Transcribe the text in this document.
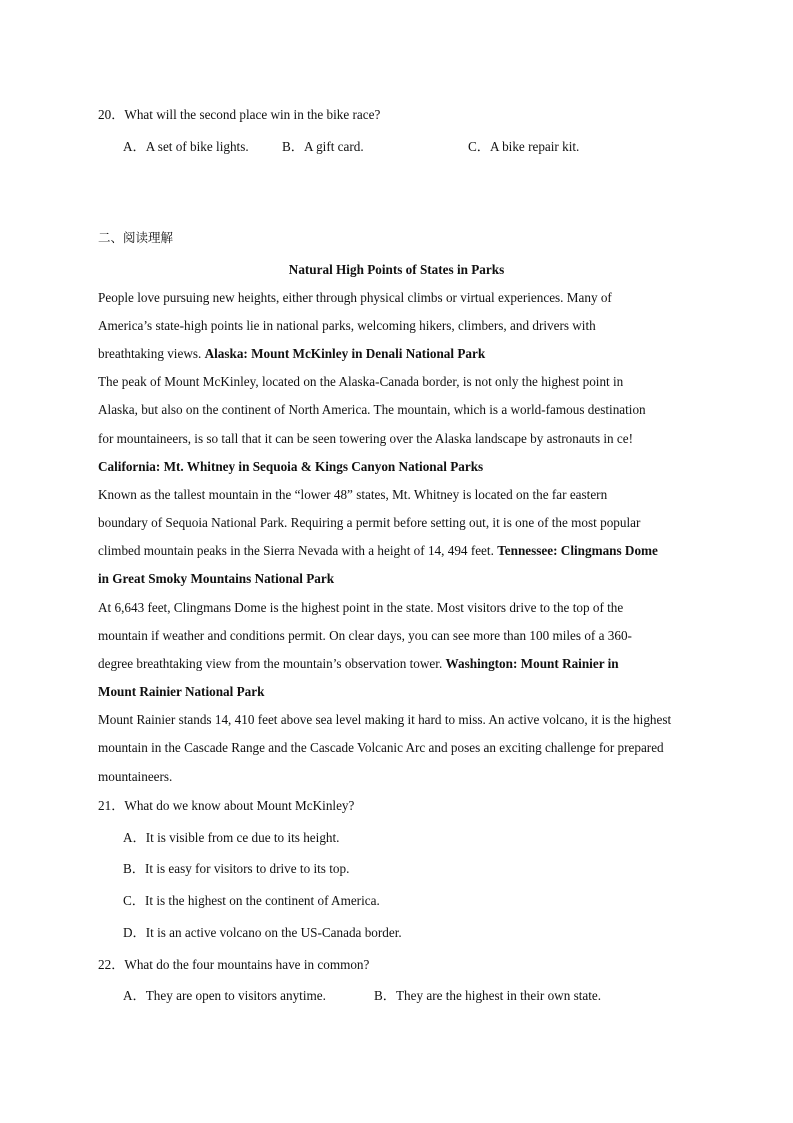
20．What will the second place win in the bike race?
A．A set of bike lights.	B．A gift card.	C．A bike repair kit.
二、阅读理解
Natural High Points of States in Parks
People love pursuing new heights, either through physical climbs or virtual experiences. Many of
America’s state-high points lie in national parks, welcoming hikers, climbers, and drivers with
breathtaking views. Alaska: Mount McKinley in Denali National Park
The peak of Mount McKinley, located on the Alaska-Canada border, is not only the highest point in
Alaska, but also on the continent of North America. The mountain, which is a world-famous destination
for mountaineers, is so tall that it can be seen towering over the Alaska landscape by astronauts in ce!
California: Mt. Whitney in Sequoia & Kings Canyon National Parks
Known as the tallest mountain in the “lower 48” states, Mt. Whitney is located on the far eastern
boundary of Sequoia National Park. Requiring a permit before setting out, it is one of the most popular
climbed mountain peaks in the Sierra Nevada with a height of 14, 494 feet. Tennessee: Clingmans Dome
in Great Smoky Mountains National Park
At 6,643 feet, Clingmans Dome is the highest point in the state. Most visitors drive to the top of the
mountain if weather and conditions permit. On clear days, you can see more than 100 miles of a 360-
degree breathtaking view from the mountain’s observation tower. Washington: Mount Rainier in
Mount Rainier National Park
Mount Rainier stands 14, 410 feet above sea level making it hard to miss. An active volcano, it is the highest
mountain in the Cascade Range and the Cascade Volcanic Arc and poses an exciting challenge for prepared
mountaineers.
21．What do we know about Mount McKinley?
A．It is visible from ce due to its height.
B．It is easy for visitors to drive to its top.
C．It is the highest on the continent of America.
D．It is an active volcano on the US-Canada border.
22．What do the four mountains have in common?
A．They are open to visitors anytime.	B．They are the highest in their own state.
